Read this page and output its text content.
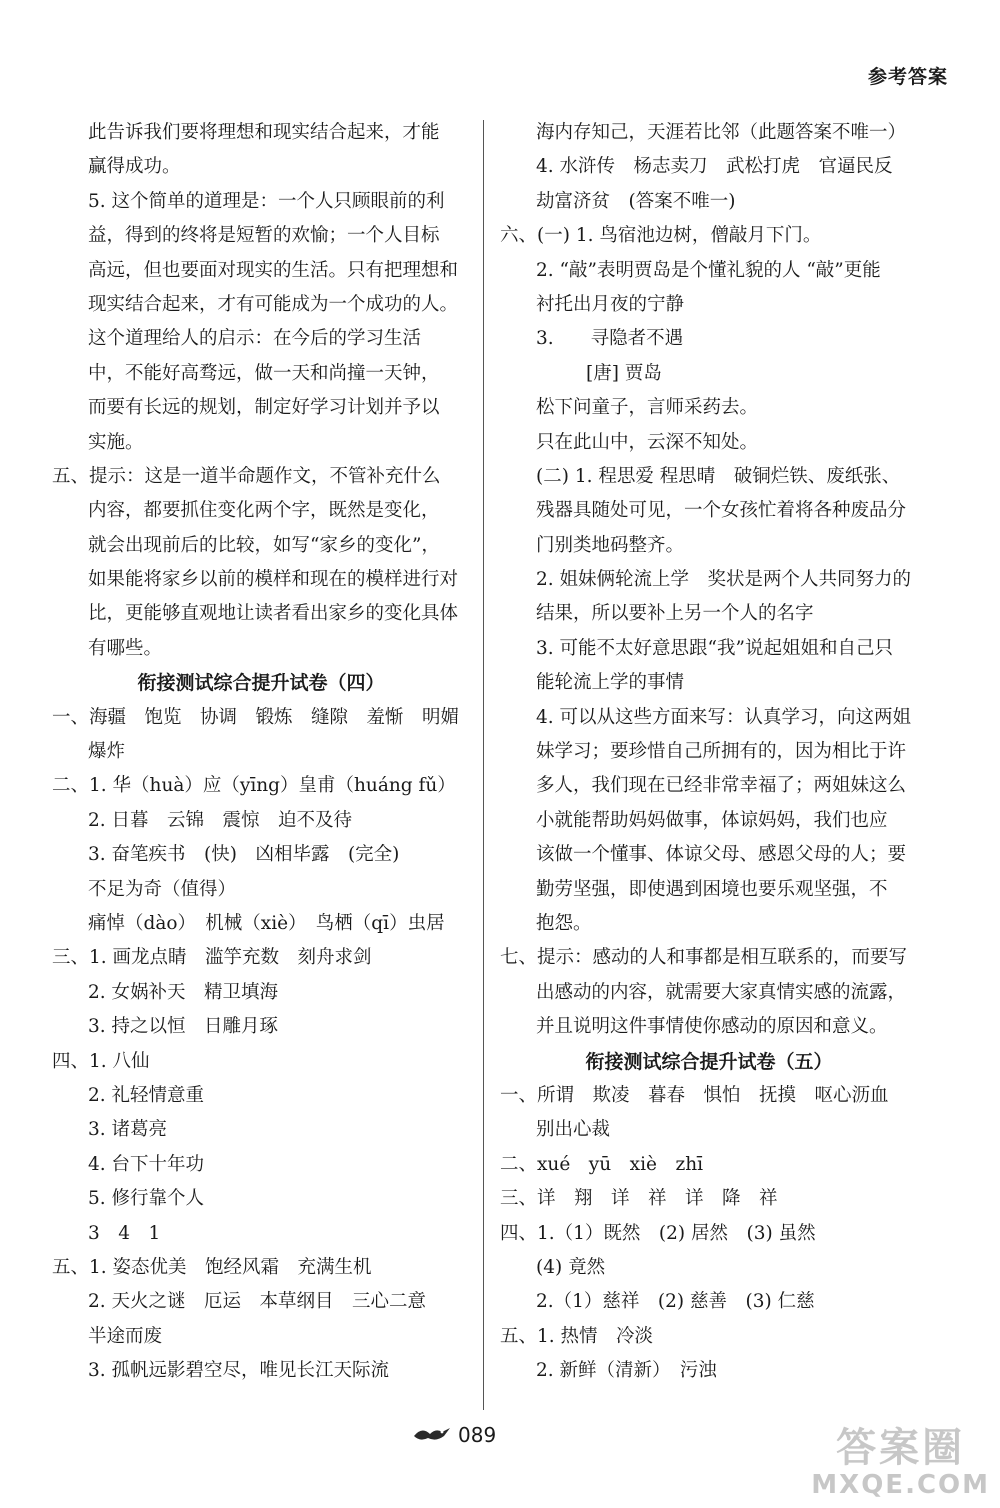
参考答案
此告诉我们要将理想和现实结合起来，才能
赢得成功。
5. 这个简单的道理是：一个人只顾眼前的利
益，得到的终将是短暂的欢愉；一个人目标
高远，但也要面对现实的生活。只有把理想和
现实结合起来，才有可能成为一个成功的人。
这个道理给人的启示：在今后的学习生活
中，不能好高骛远，做一天和尚撞一天钟，
而要有长远的规划，制定好学习计划并予以
实施。
五、提示：这是一道半命题作文，不管补充什么
内容，都要抓住变化两个字，既然是变化，
就会出现前后的比较，如写“家乡的变化”，
如果能将家乡以前的模样和现在的模样进行对
比，更能够直观地让读者看出家乡的变化具体
有哪些。
衔接测试综合提升试卷（四）
一、海疆　饱览　协调　锻炼　缝隙　羞惭　明媚
爆炸
二、1. 华（huà）应（yīng）皇甫（huáng fǔ）
2. 日暮　云锦　震惊　迫不及待
3. 奋笔疾书　(快)　凶相毕露　(完全)
不足为奇（值得）
痛悼（dào）　机械（xiè）　鸟栖（qī）虫居
三、1. 画龙点睛　滥竽充数　刻舟求剑
2. 女娲补天　精卫填海
3. 持之以恒　日雕月琢
四、1. 八仙
2. 礼轻情意重
3. 诸葛亮
4. 台下十年功
5. 修行靠个人
3　4　1
五、1. 姿态优美　饱经风霜　充满生机
2. 天火之谜　厄运　本草纲目　三心二意
半途而废
3. 孤帆远影碧空尽，唯见长江天际流
海内存知己，天涯若比邻（此题答案不唯一）
4. 水浒传　杨志卖刀　武松打虎　官逼民反
劫富济贫　(答案不唯一)
六、(一) 1. 鸟宿池边树，僧敲月下门。
2. “敲”表明贾岛是个懂礼貌的人 “敲”更能
衬托出月夜的宁静
3.　　寻隐者不遇
[唐] 贾岛
松下问童子，言师采药去。
只在此山中，云深不知处。
(二) 1. 程思爱 程思晴　破铜烂铁、废纸张、
残器具随处可见，一个女孩忙着将各种废品分
门别类地码整齐。
2. 姐妹俩轮流上学　奖状是两个人共同努力的
结果，所以要补上另一个人的名字
3. 可能不太好意思跟“我”说起姐姐和自己只
能轮流上学的事情
4. 可以从这些方面来写：认真学习，向这两姐
妹学习；要珍惜自己所拥有的，因为相比于许
多人，我们现在已经非常幸福了；两姐妹这么
小就能帮助妈妈做事，体谅妈妈，我们也应
该做一个懂事、体谅父母、感恩父母的人；要
勤劳坚强，即使遇到困境也要乐观坚强，不
抱怨。
七、提示：感动的人和事都是相互联系的，而要写
出感动的内容，就需要大家真情实感的流露，
并且说明这件事情使你感动的原因和意义。
衔接测试综合提升试卷（五）
一、所谓　欺凌　暮春　惧怕　抚摸　呕心沥血
别出心裁
二、xué　yū　xiè　zhī
三、详　翔　详　祥　详　降　祥
四、1.（1）既然　(2) 居然　(3) 虽然
(4) 竟然
2.（1）慈祥　(2) 慈善　(3) 仁慈
五、1. 热情　冷淡
2. 新鲜（清新）　污浊
089	答案圈
MXQE.COM
